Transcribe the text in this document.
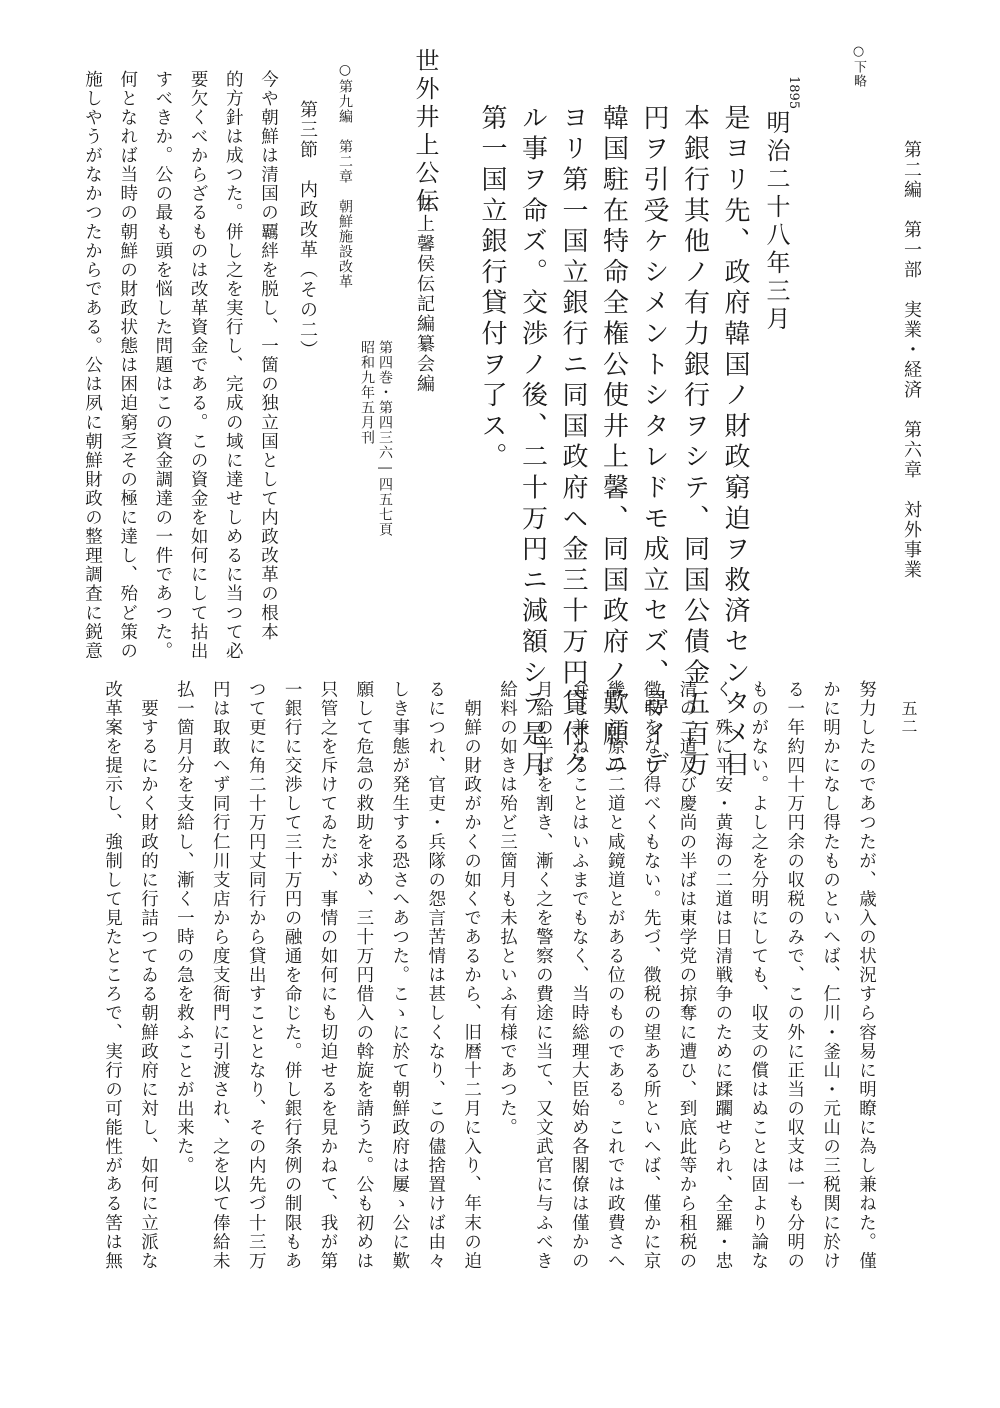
○下略
第二編　第一部　実業・経済　第六章　対外事業
五二
1895
明治二十八年三月
是ヨリ先、政府韓国ノ財政窮迫ヲ救済センタメ日
本銀行其他ノ有力銀行ヲシテ、同国公債金五百万
円ヲ引受ケシメントシタレドモ成立セズ、尋イデ
韓国駐在特命全権公使井上馨、同国政府ノ歎願ニ
ヨリ第一国立銀行ニ同国政府ヘ金三十万円貸付ク
ル事ヲ命ズ。交渉ノ後、二十万円ニ減額シテ是月
第一国立銀行貸付ヲ了ス。
世外井上公伝
井上馨侯伝記編纂会編
第四巻・第四三六―四五七頁
昭和九年五月刊
○第九編　第二章　朝鮮施設改革
第三節　内政改革（その二）
今や朝鮮は清国の覊絆を脱し、一箇の独立国として内政改革の根本
的方針は成つた。併し之を実行し、完成の域に達せしめるに当つて必
要欠くべからざるものは改革資金である。この資金を如何にして拈出
すべきか。公の最も頭を悩した問題はこの資金調達の一件であつた。
何となれば当時の朝鮮の財政状態は困迫窮乏その極に達し、殆ど策の
施しやうがなかつたからである。公は夙に朝鮮財政の整理調査に鋭意
努力したのであつたが、歳入の状況すら容易に明瞭に為し兼ねた。僅
かに明かになし得たものといへば、仁川・釜山・元山の三税関に於け
る一年約四十万円余の収税のみで、この外に正当の収支は一も分明の
ものがない。よし之を分明にしても、収支の償はぬことは固より論な
く、殊に平安・黄海の二道は日清戦争のために蹂躙せられ、全羅・忠
清の二道及び慶尚の半ばは東学党の掠奪に遭ひ、到底此等から租税の
徴収をなし得べくもない。先づ、徴税の望ある所といへば、僅かに京
畿・江原の二道と咸鏡道とがある位のものである。これでは政費さへ
弁じ兼ねることはいふまでもなく、当時総理大臣始め各閣僚は僅かの
月給の半ばを割き、漸く之を警察の費途に当て、又文武官に与ふべき
給料の如きは殆ど三箇月も未払といふ有様であつた。
　朝鮮の財政がかくの如くであるから、旧暦十二月に入り、年末の迫
るにつれ、官吏・兵隊の怨言苦情は甚しくなり、この儘捨置けば由々
しき事態が発生する恐さへあつた。こゝに於て朝鮮政府は屢ゝ公に歎
願して危急の救助を求め、三十万円借入の斡旋を請うた。公も初めは
只管之を斥けてゐたが、事情の如何にも切迫せるを見かねて、我が第
一銀行に交渉して三十万円の融通を命じた。併し銀行条例の制限もあ
つて更に角二十万円丈同行から貸出すこととなり、その内先づ十三万
円は取敢へず同行仁川支店から度支衙門に引渡され、之を以て俸給未
払一箇月分を支給し、漸く一時の急を救ふことが出来た。
　要するにかく財政的に行詰つてゐる朝鮮政府に対し、如何に立派な
改革案を提示し、強制して見たところで、実行の可能性がある筈は無
